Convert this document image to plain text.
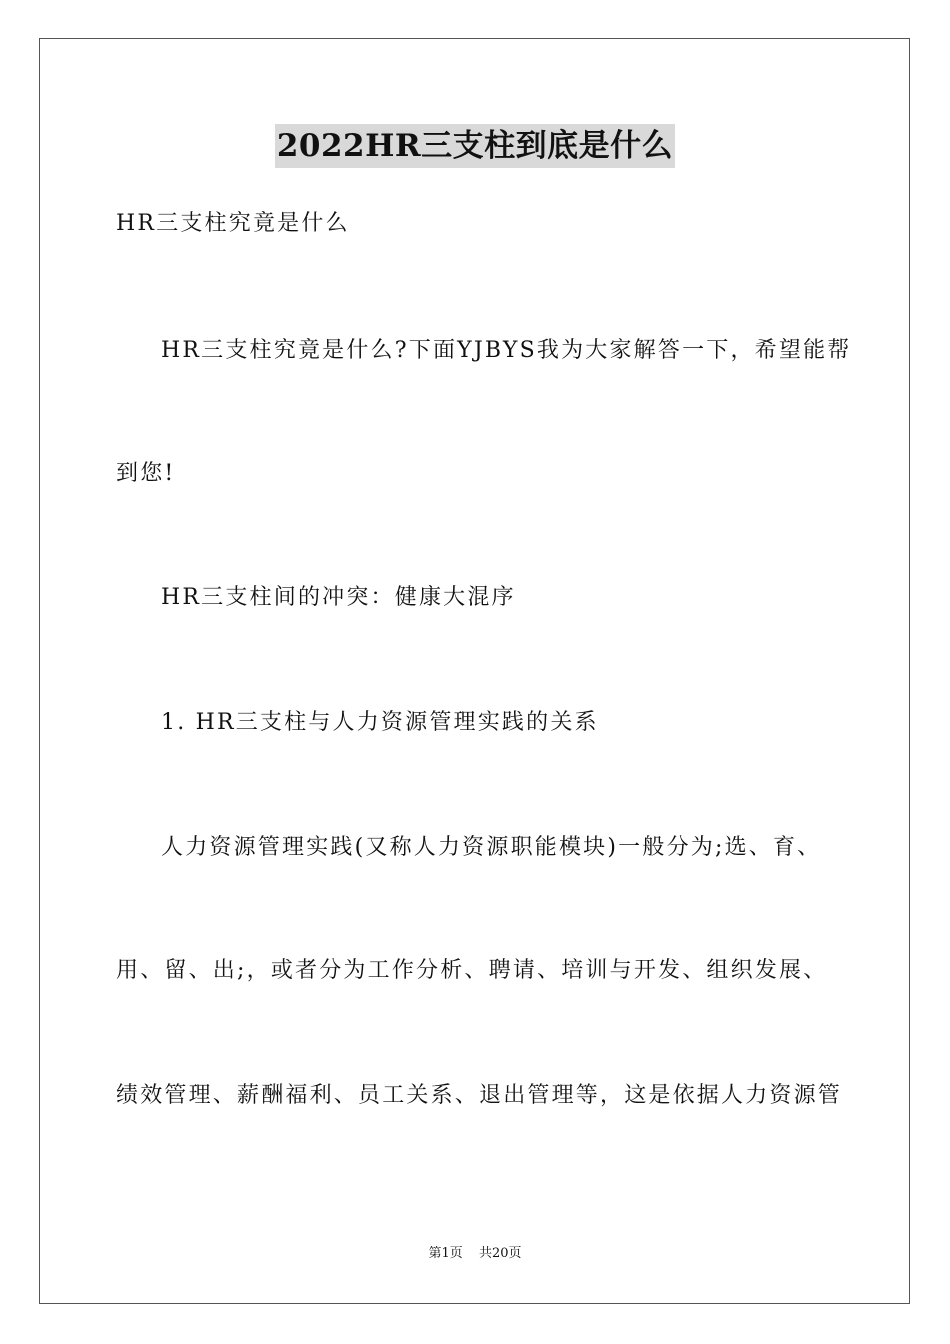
2022HR三支柱到底是什么
HR三支柱究竟是什么
HR三支柱究竟是什么?下面YJBYS我为大家解答一下，希望能帮
到您!
HR三支柱间的冲突：健康大混序
1. HR三支柱与人力资源管理实践的关系
人力资源管理实践(又称人力资源职能模块)一般分为;选、育、
用、留、出;，或者分为工作分析、聘请、培训与开发、组织发展、
绩效管理、薪酬福利、员工关系、退出管理等，这是依据人力资源管
第1页 共20页
